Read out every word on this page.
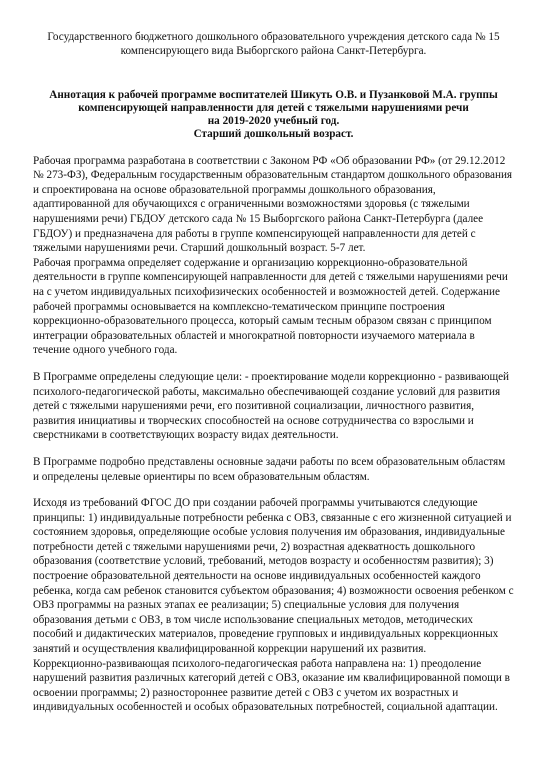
Государственного бюджетного дошкольного образовательного учреждения детского сада № 15 компенсирующего вида Выборгского района Санкт-Петербурга.

Аннотация к рабочей программе воспитателей Шикуть О.В. и Пузанковой М.А. группы
компенсирующей направленности для детей с тяжелыми нарушениями речи
на 2019-2020 учебный год.
Старший дошкольный возраст.

Рабочая программа разработана в соответствии с Законом РФ «Об образовании РФ» (от 29.12.2012 № 273-ФЗ), Федеральным государственным образовательным стандартом дошкольного образования и спроектирована на основе образовательной программы дошкольного образования, адаптированной для обучающихся с ограниченными возможностями здоровья (с тяжелыми нарушениями речи) ГБДОУ детского сада № 15 Выборгского района Санкт-Петербурга (далее ГБДОУ) и предназначена для работы в группе компенсирующей направленности для детей с тяжелыми нарушениями речи. Старший дошкольный возраст. 5-7 лет.

Рабочая программа определяет содержание и организацию коррекционно-образовательной деятельности в группе компенсирующей направленности для детей с тяжелыми нарушениями речи на с учетом индивидуальных психофизических особенностей и возможностей детей. Содержание рабочей программы основывается на комплексно-тематическом принципе построения коррекционно-образовательного процесса, который самым тесным образом связан с принципом интеграции образовательных областей и многократной повторности изучаемого материала в течение одного учебного года.

В Программе определены следующие цели: - проектирование модели коррекционно - развивающей психолого-педагогической работы, максимально обеспечивающей создание условий для развития детей с тяжелыми нарушениями речи, его позитивной социализации, личностного развития, развития инициативы и творческих способностей на основе сотрудничества со взрослыми и сверстниками в соответствующих возрасту видах деятельности.

В Программе подробно представлены основные задачи работы по всем образовательным областям и определены целевые ориентиры по всем образовательным областям.

Исходя из требований ФГОС ДО при создании рабочей программы учитываются следующие принципы: 1) индивидуальные потребности ребенка с ОВЗ, связанные с его жизненной ситуацией и состоянием здоровья, определяющие особые условия получения им образования, индивидуальные потребности детей с тяжелыми нарушениями речи, 2) возрастная адекватность дошкольного образования (соответствие условий, требований, методов возрасту и особенностям развития); 3) построение образовательной деятельности на основе индивидуальных особенностей каждого ребенка, когда сам ребенок становится субъектом образования; 4) возможности освоения ребенком с ОВЗ программы на разных этапах ее реализации; 5) специальные условия для получения образования детьми с ОВЗ, в том числе использование специальных методов, методических пособий и дидактических материалов, проведение групповых и индивидуальных коррекционных занятий и осуществления квалифицированной коррекции нарушений их развития.

Коррекционно-развивающая психолого-педагогическая работа направлена на: 1) преодоление нарушений развития различных категорий детей с ОВЗ, оказание им квалифицированной помощи в освоении программы; 2) разностороннее развитие детей с ОВЗ с учетом их возрастных и индивидуальных особенностей и особых образовательных потребностей, социальной адаптации.
